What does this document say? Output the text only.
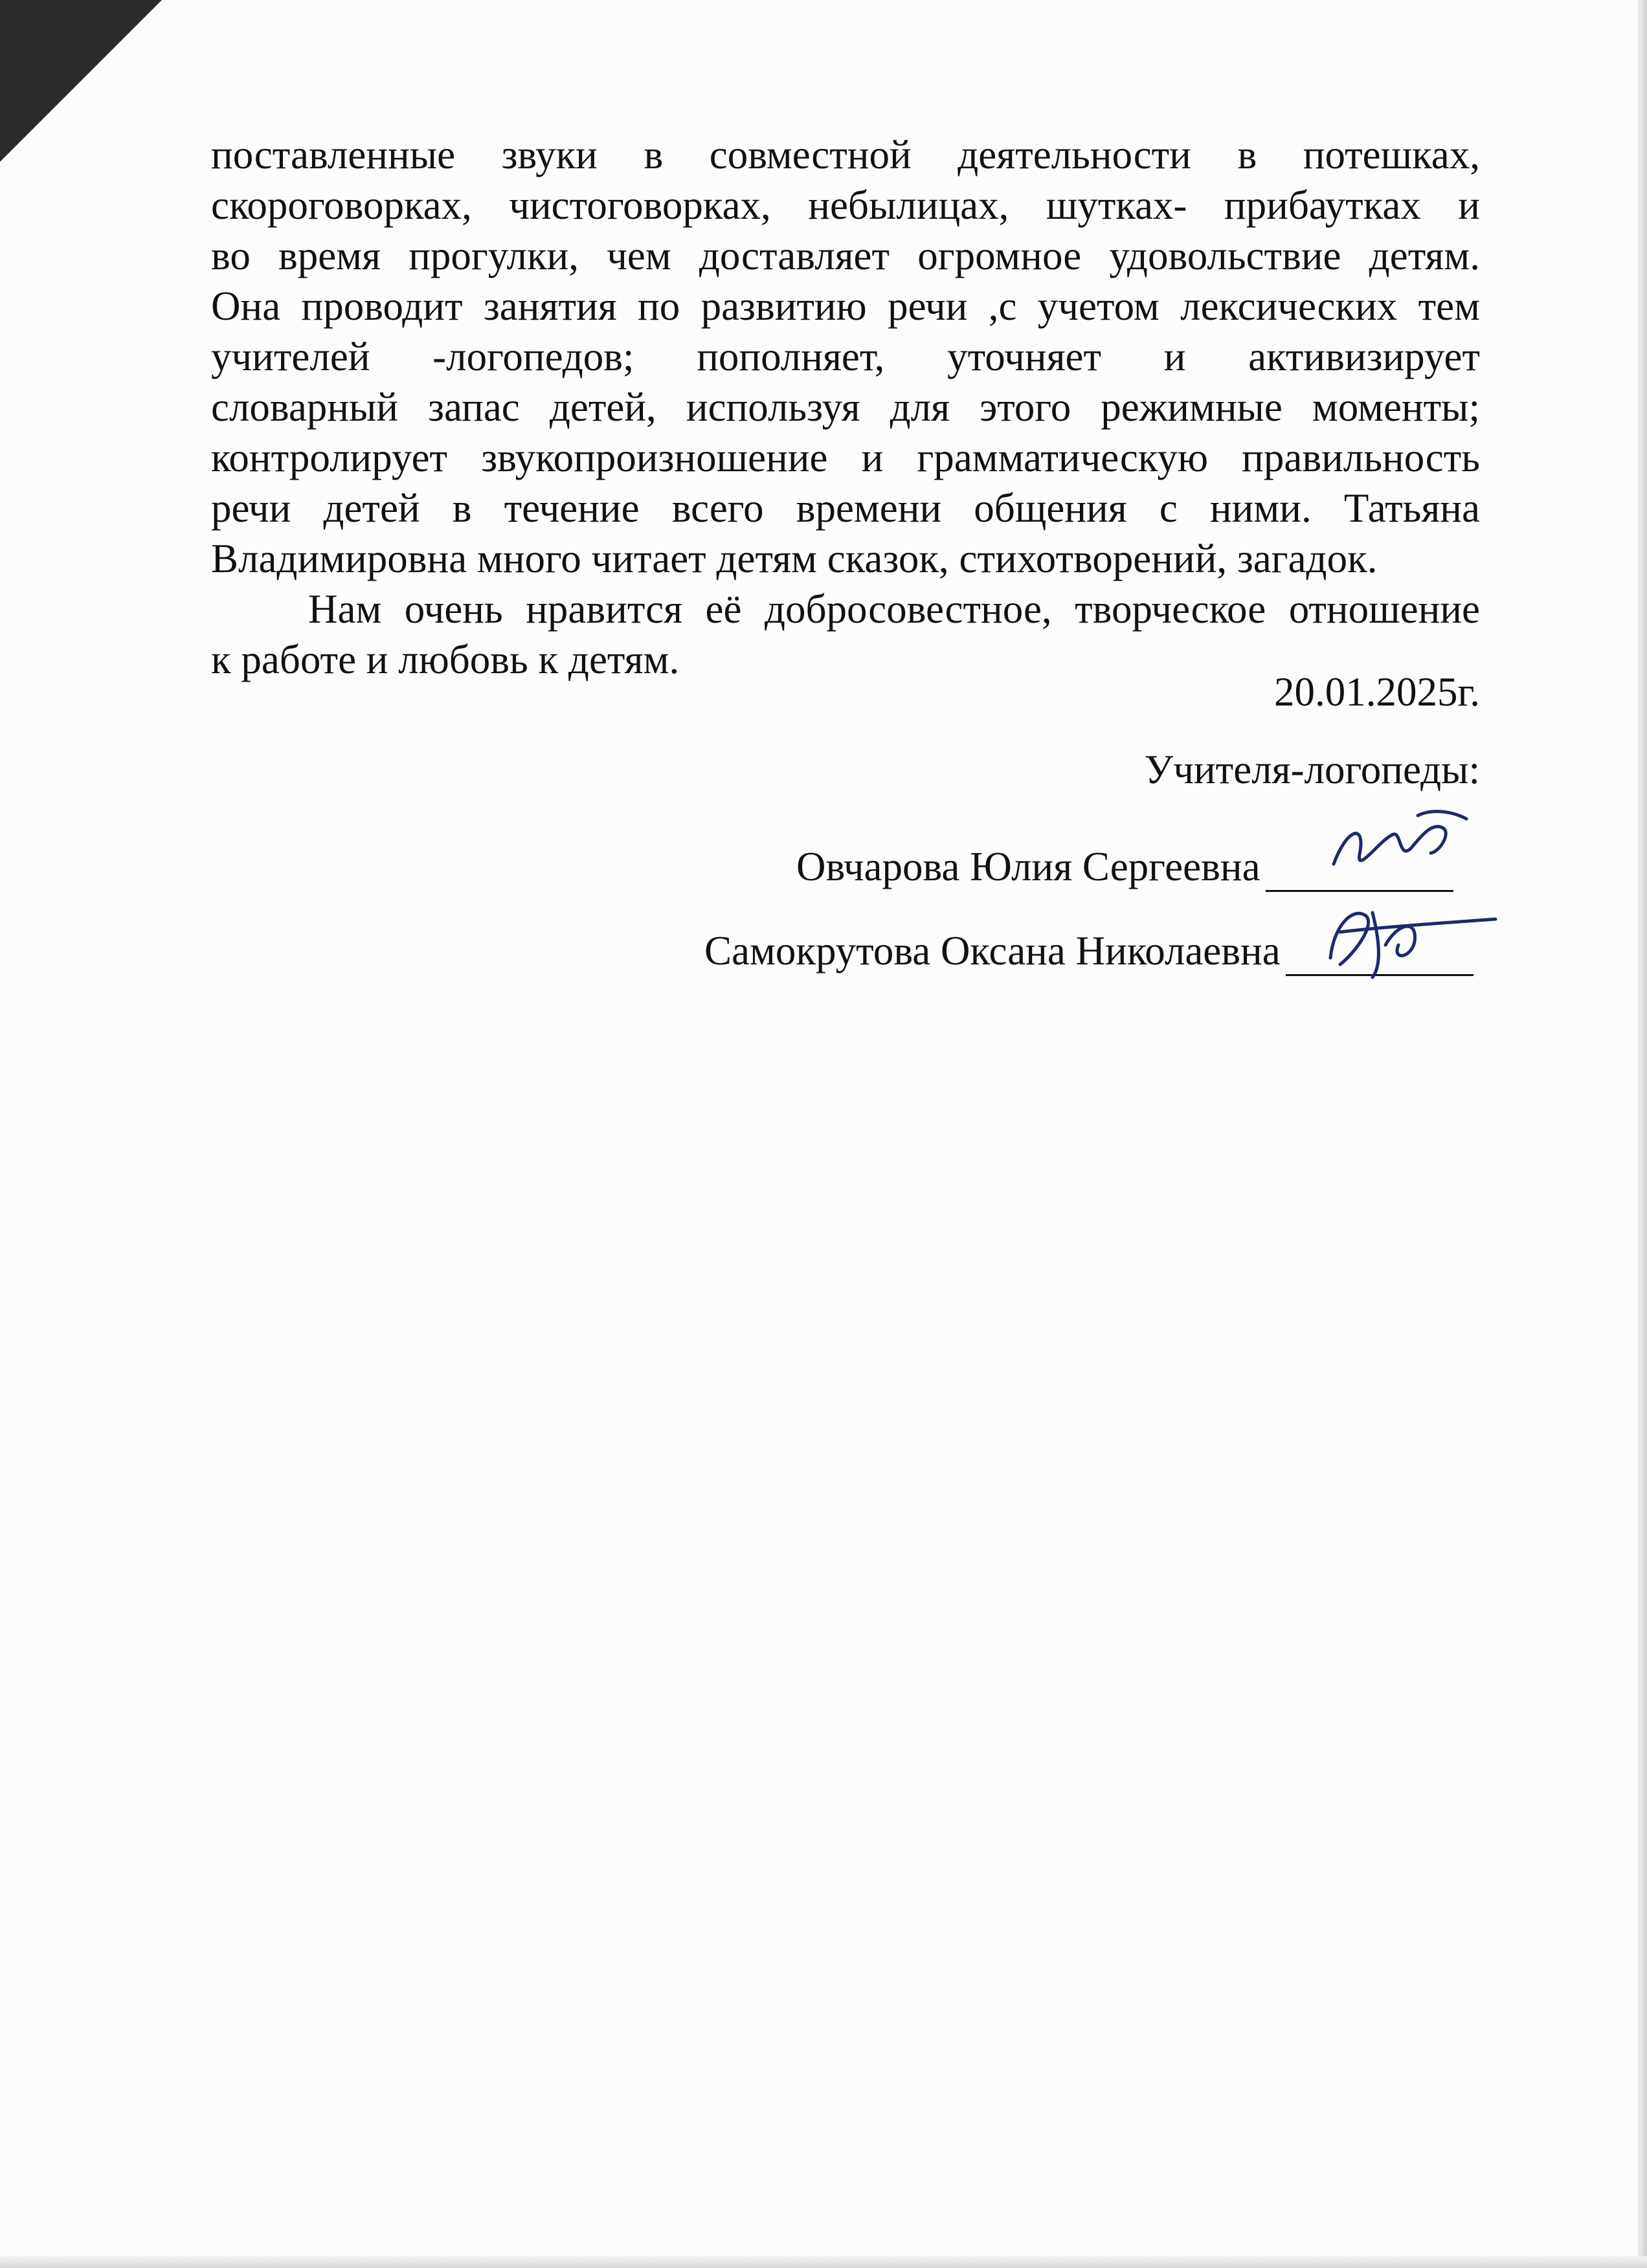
поставленные звуки в совместной деятельности в потешках,
скороговорках, чистоговорках, небылицах, шутках- прибаутках и
во время прогулки, чем доставляет огромное удовольствие детям.
Она проводит занятия по развитию речи ,с учетом лексических тем
учителей -логопедов; пополняет, уточняет и активизирует
словарный запас детей, используя для этого режимные моменты;
контролирует звукопроизношение и грамматическую правильность
речи детей в течение всего времени общения с ними. Татьяна
Владимировна много читает детям сказок, стихотворений, загадок.
Нам очень нравится её добросовестное, творческое отношение
к работе и любовь к детям.
20.01.2025г.
Учителя-логопеды:
Овчарова Юлия Сергеевна
Самокрутова Оксана Николаевна
